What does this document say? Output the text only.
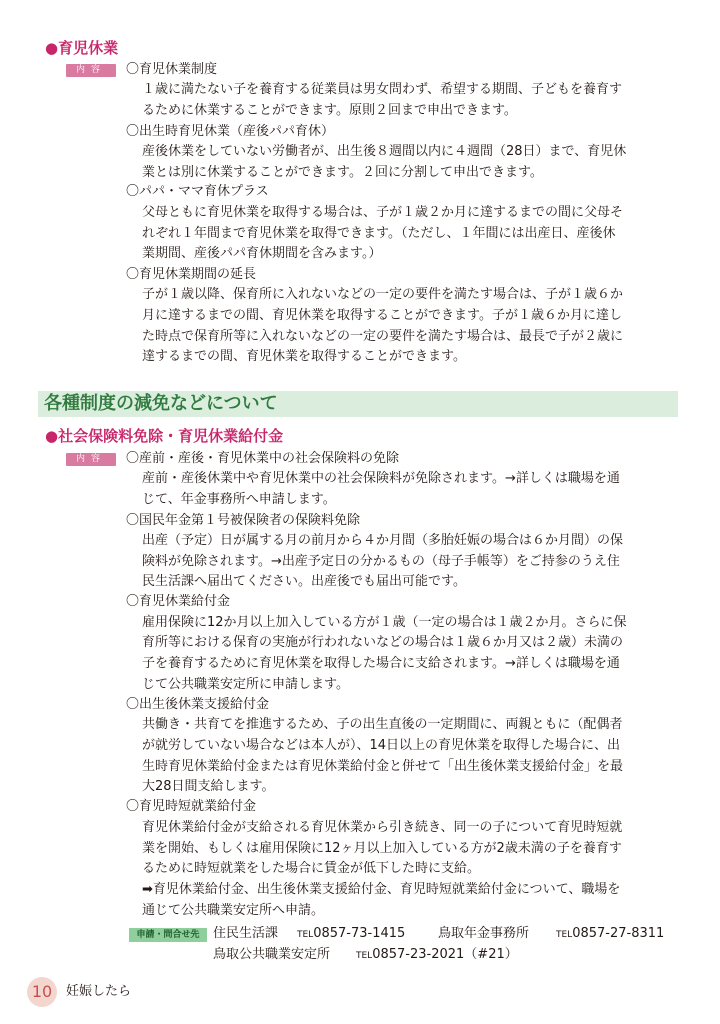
●育児休業
内容	〇育児休業制度
１歳に満たない子を養育する従業員は男女問わず、希望する期間、子どもを養育す
るために休業することができます。原則２回まで申出できます。
〇出生時育児休業（産後パパ育休）
産後休業をしていない労働者が、出生後８週間以内に４週間（28日）まで、育児休
業とは別に休業することができます。２回に分割して申出できます。
〇パパ・ママ育休プラス
父母ともに育児休業を取得する場合は、子が１歳２か月に達するまでの間に父母そ
れぞれ１年間まで育児休業を取得できます。（ただし、１年間には出産日、産後休
業期間、産後パパ育休期間を含みます。）
〇育児休業期間の延長
子が１歳以降、保育所に入れないなどの一定の要件を満たす場合は、子が１歳６か
月に達するまでの間、育児休業を取得することができます。子が１歳６か月に達し
た時点で保育所等に入れないなどの一定の要件を満たす場合は、最長で子が２歳に
達するまでの間、育児休業を取得することができます。
各種制度の減免などについて
●社会保険料免除・育児休業給付金
内容	〇産前・産後・育児休業中の社会保険料の免除
産前・産後休業中や育児休業中の社会保険料が免除されます。→詳しくは職場を通
じて、年金事務所へ申請します。
〇国民年金第１号被保険者の保険料免除
出産（予定）日が属する月の前月から４か月間（多胎妊娠の場合は６か月間）の保
険料が免除されます。→出産予定日の分かるもの（母子手帳等）をご持参のうえ住
民生活課へ届出てください。出産後でも届出可能です。
〇育児休業給付金
雇用保険に12か月以上加入している方が１歳（一定の場合は１歳２か月。さらに保
育所等における保育の実施が行われないなどの場合は１歳６か月又は２歳）未満の
子を養育するために育児休業を取得した場合に支給されます。→詳しくは職場を通
じて公共職業安定所に申請します。
〇出生後休業支援給付金
共働き・共育てを推進するため、子の出生直後の一定期間に、両親ともに（配偶者
が就労していない場合などは本人が）、14日以上の育児休業を取得した場合に、出
生時育児休業給付金または育児休業給付金と併せて「出生後休業支援給付金」を最
大28日間支給します。
〇育児時短就業給付金
育児休業給付金が支給される育児休業から引き続き、同一の子について育児時短就
業を開始、もしくは雇用保険に12ヶ月以上加入している方が2歳未満の子を養育す
るために時短就業をした場合に賃金が低下した時に支給。
➡育児休業給付金、出生後休業支援給付金、育児時短就業給付金について、職場を
通じて公共職業安定所へ申請。
申請・問合せ先	住民生活課 TEL0857-73-1415	鳥取年金事務所	TEL0857-27-8311
鳥取公共職業安定所	TEL0857-23-2021（#21）
10	妊娠したら
